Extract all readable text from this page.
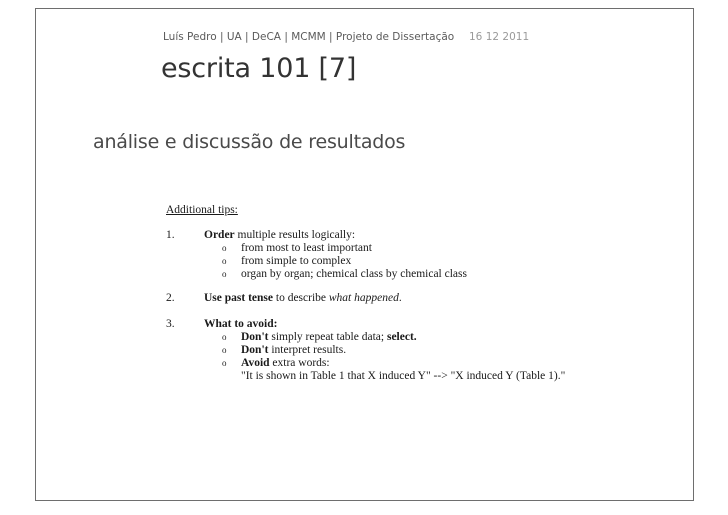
Luís Pedro | UA | DeCA | MCMM | Projeto de Dissertação 16 12 2011
escrita 101 [7]
análise e discussão de resultados
Additional tips:
1.	Order multiple results logically:
o from most to least important
o from simple to complex
o organ by organ; chemical class by chemical class
2.	Use past tense to describe what happened.
3.	What to avoid:
o Don't simply repeat table data; select.
o Don't interpret results.
o Avoid extra words:
"It is shown in Table 1 that X induced Y" --> "X induced Y (Table 1)."
